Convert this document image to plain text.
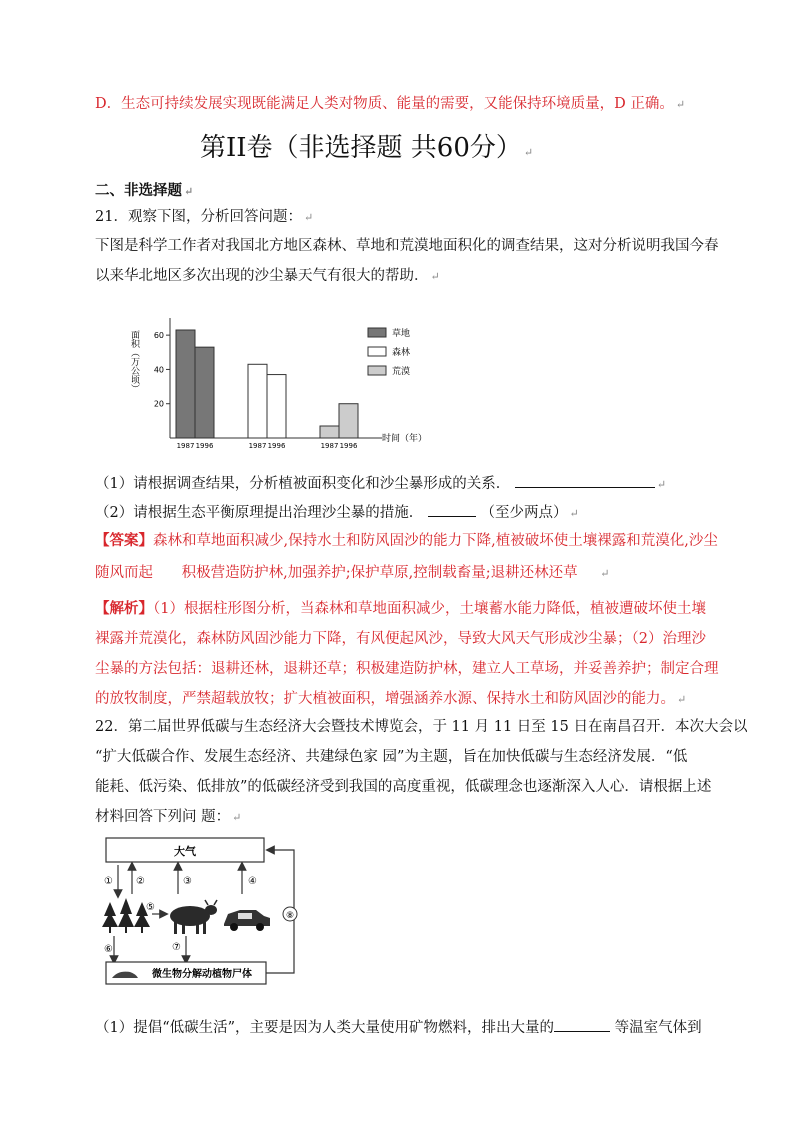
D．生态可持续发展实现既能满足人类对物质、能量的需要，又能保持环境质量，D 正确。 ↵
第II卷（非选择题 共60分） ↵
二、非选择题 ↵
21．观察下图，分析回答问题： ↵
下图是科学工作者对我国北方地区森林、草地和荒漠地面积化的调查结果，这对分析说明我国今春
以来华北地区多次出现的沙尘暴天气有很大的帮助． ↵
20
40
60
面积（万公顷）
1987 1996	1987 1996	1987 1996
时间（年）
草地
森林
荒漠
（1）请根据调查结果，分析植被面积变化和沙尘暴形成的关系．	↵
（2）请根据生态平衡原理提出治理沙尘暴的措施．	（至少两点） ↵
【答案】森林和草地面积减少,保持水土和防风固沙的能力下降,植被破坏使土壤裸露和荒漠化,沙尘
随风而起 积极营造防护林,加强养护;保护草原,控制载畜量;退耕还林还草 ↵
【解析】（1）根据柱形图分析，当森林和草地面积减少，土壤蓄水能力降低，植被遭破坏使土壤
裸露并荒漠化，森林防风固沙能力下降，有风便起风沙，导致大风天气形成沙尘暴；（2）治理沙
尘暴的方法包括：退耕还林，退耕还草；积极建造防护林，建立人工草场，并妥善养护；制定合理
的放牧制度，严禁超载放牧；扩大植被面积，增强涵养水源、保持水土和防风固沙的能力。 ↵
22．第二届世界低碳与生态经济大会暨技术博览会，于 11 月 11 日至 15 日在南昌召开．本次大会以
“扩大低碳合作、发展生态经济、共建绿色家 园”为主题，旨在加快低碳与生态经济发展．“低
能耗、低污染、低排放”的低碳经济受到我国的高度重视，低碳理念也逐渐深入人心．请根据上述
材料回答下列问 题： ↵
大气
① ②	③	④
⑤
⑥	⑦
微生物分解动植物尸体
⑧
（1）提倡“低碳生活”，主要是因为人类大量使用矿物燃料，排出大量的	等温室气体到
